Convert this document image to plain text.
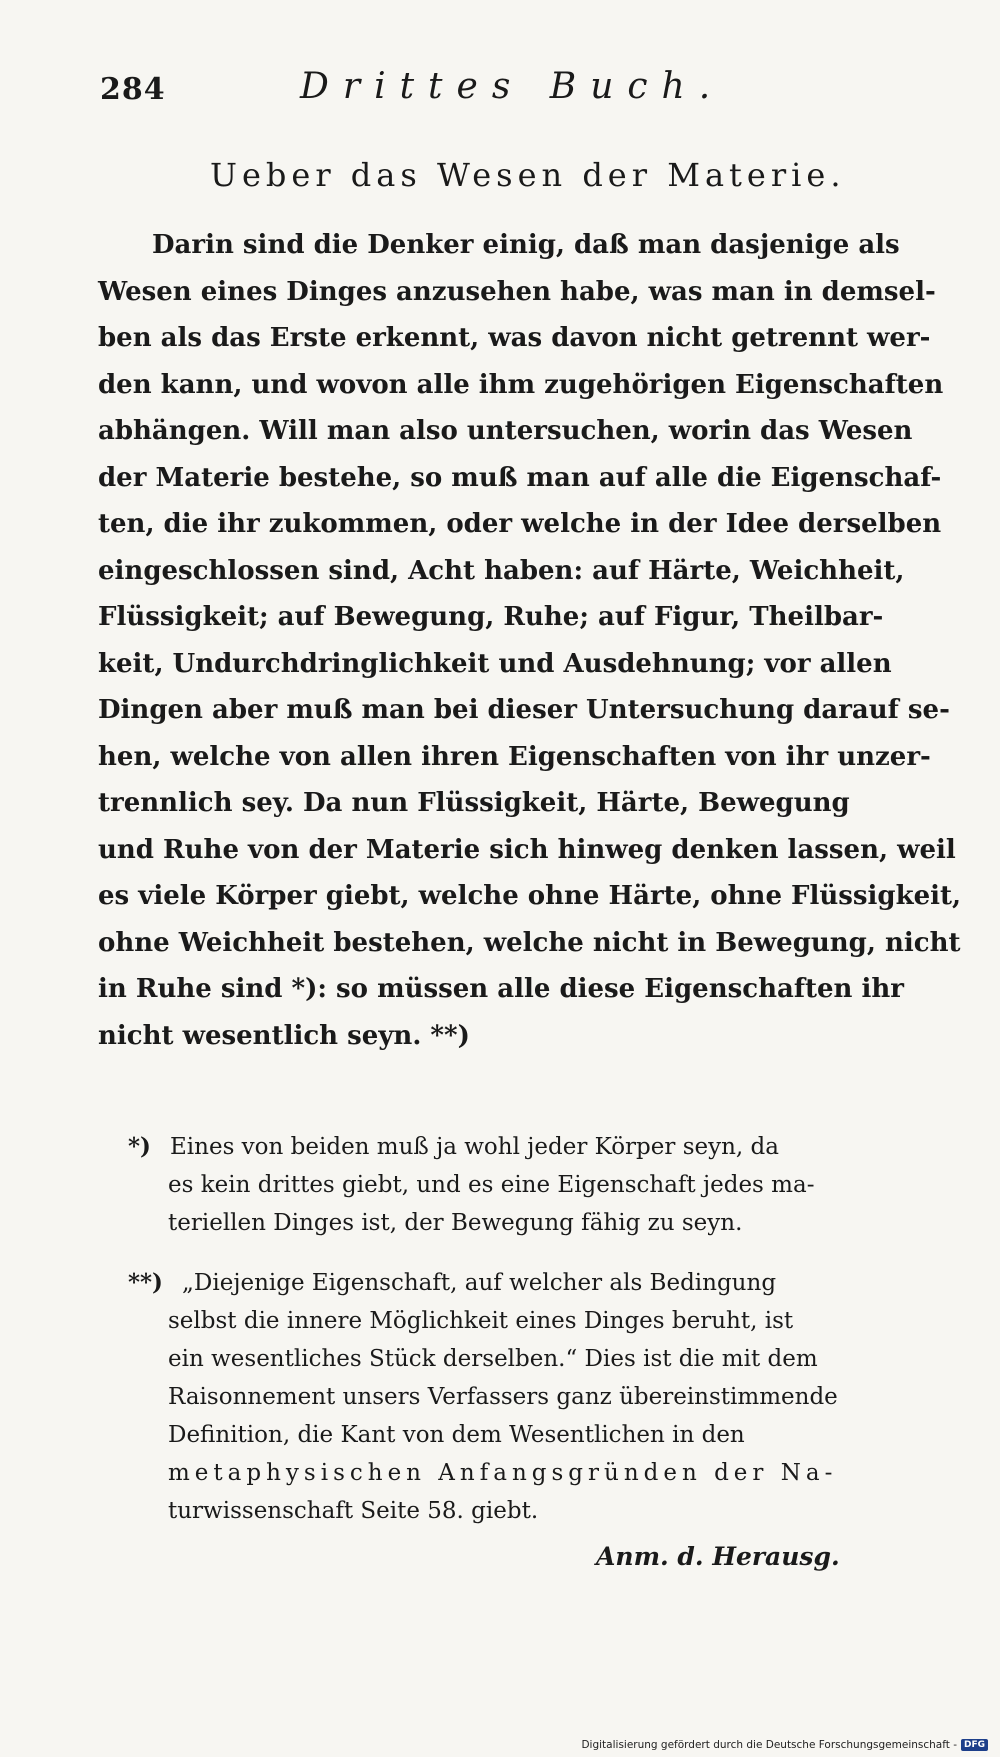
284	Drittes Buch.
Ueber das Wesen der Materie.
Darin sind die Denker einig, daß man dasjenige als
Wesen eines Dinges anzusehen habe, was man in demsel-
ben als das Erste erkennt, was davon nicht getrennt wer-
den kann, und wovon alle ihm zugehörigen Eigenschaften
abhängen. Will man also untersuchen, worin das Wesen
der Materie bestehe, so muß man auf alle die Eigenschaf-
ten, die ihr zukommen, oder welche in der Idee derselben
eingeschlossen sind, Acht haben: auf Härte, Weichheit,
Flüssigkeit; auf Bewegung, Ruhe; auf Figur, Theilbar-
keit, Undurchdringlichkeit und Ausdehnung; vor allen
Dingen aber muß man bei dieser Untersuchung darauf se-
hen, welche von allen ihren Eigenschaften von ihr unzer-
trennlich sey. Da nun Flüssigkeit, Härte, Bewegung
und Ruhe von der Materie sich hinweg denken lassen, weil
es viele Körper giebt, welche ohne Härte, ohne Flüssigkeit,
ohne Weichheit bestehen, welche nicht in Bewegung, nicht
in Ruhe sind *): so müssen alle diese Eigenschaften ihr
nicht wesentlich seyn. **)
*) Eines von beiden muß ja wohl jeder Körper seyn, da
es kein drittes giebt, und es eine Eigenschaft jedes ma-
teriellen Dinges ist, der Bewegung fähig zu seyn.
**) „Diejenige Eigenschaft, auf welcher als Bedingung
selbst die innere Möglichkeit eines Dinges beruht, ist
ein wesentliches Stück derselben.“ Dies ist die mit dem
Raisonnement unsers Verfassers ganz übereinstimmende
Definition, die Kant von dem Wesentlichen in den
metaphysischen Anfangsgründen der Na-
turwissenschaft Seite 58. giebt.
Anm. d. Herausg.
Digitalisierung gefördert durch die Deutsche Forschungsgemeinschaft - DFG
